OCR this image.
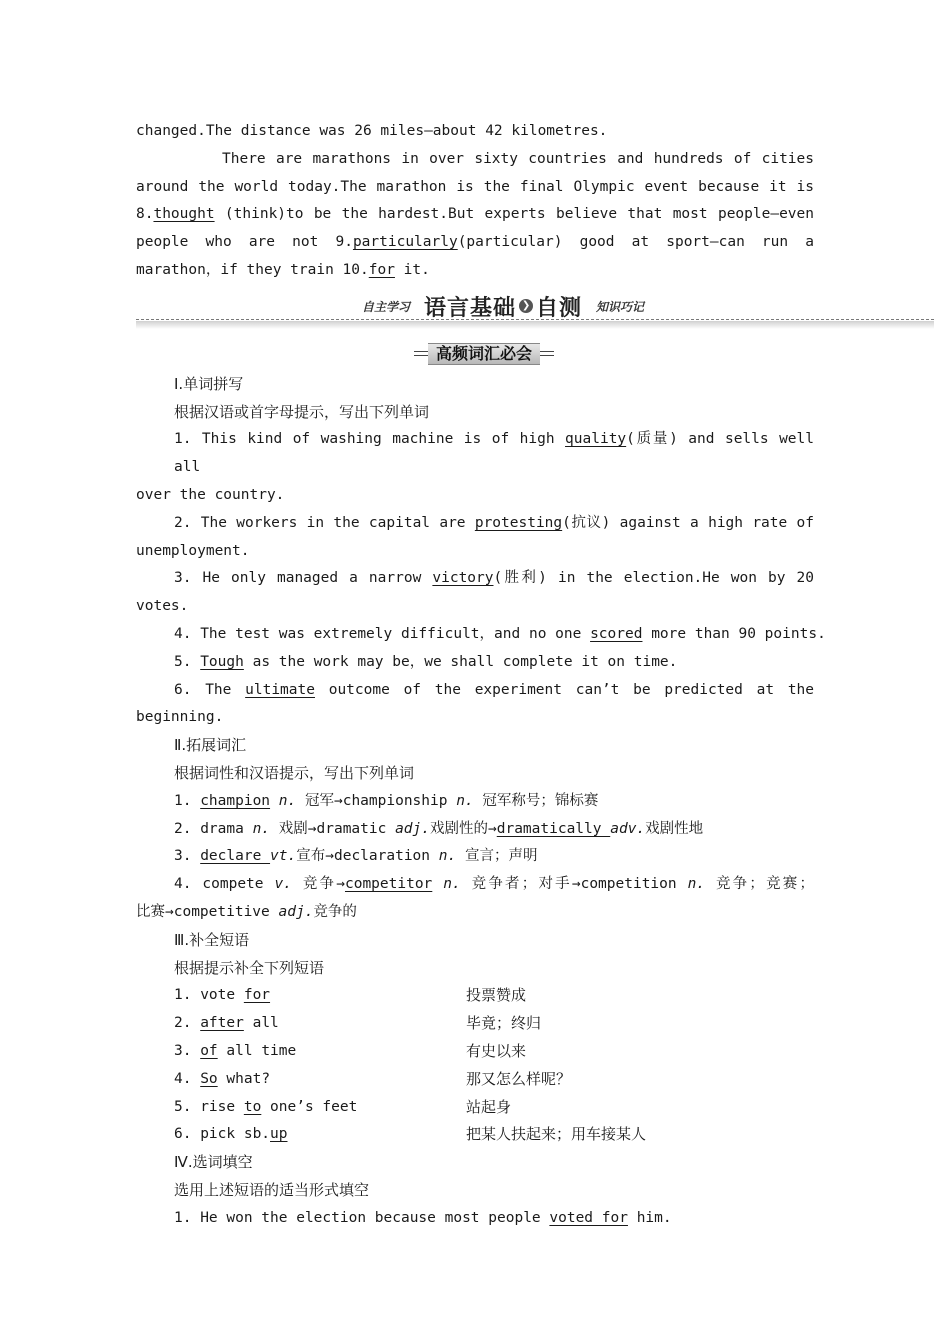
changed.The distance was 26 miles—about 42 kilometres.
There are marathons in over sixty countries and hundreds of cities
around the world today.The marathon is the final Olympic event because it is
8.thought (think)to be the hardest.But experts believe that most people—even
people who are not 9.particularly(particular) good at sport—can run a
marathon，if they train 10.for it.
自主学习 语言基础 ❯ 自测 知识巧记
高频词汇必会
Ⅰ.单词拼写
根据汉语或首字母提示，写出下列单词
1. This kind of washing machine is of high quality(质量) and sells well all
over the country.
2. The workers in the capital are protesting(抗议) against a high rate of
unemployment.
3. He only managed a narrow victory(胜利) in the election.He won by 20
votes.
4. The test was extremely difficult，and no one scored more than 90 points.
5. Tough as the work may be，we shall complete it on time.
6. The ultimate outcome of the experiment can’t be predicted at the
beginning.
Ⅱ.拓展词汇
根据词性和汉语提示，写出下列单词
1. champion n. 冠军→championship n. 冠军称号；锦标赛
2. drama n. 戏剧→dramatic adj.戏剧性的→dramatically adv.戏剧性地
3. declare vt.宣布→declaration n. 宣言；声明
4. compete v. 竞争→competitor n. 竞争者；对手→competition n. 竞争；竞赛；
比赛→competitive adj.竞争的
Ⅲ.补全短语
根据提示补全下列短语
1. vote for	投票赞成
2. after all	毕竟；终归
3. of all time	有史以来
4. So what?	那又怎么样呢？
5. rise to one’s feet	站起身
6. pick sb.up	把某人扶起来；用车接某人
Ⅳ.选词填空
选用上述短语的适当形式填空
1. He won the election because most people voted for him.
